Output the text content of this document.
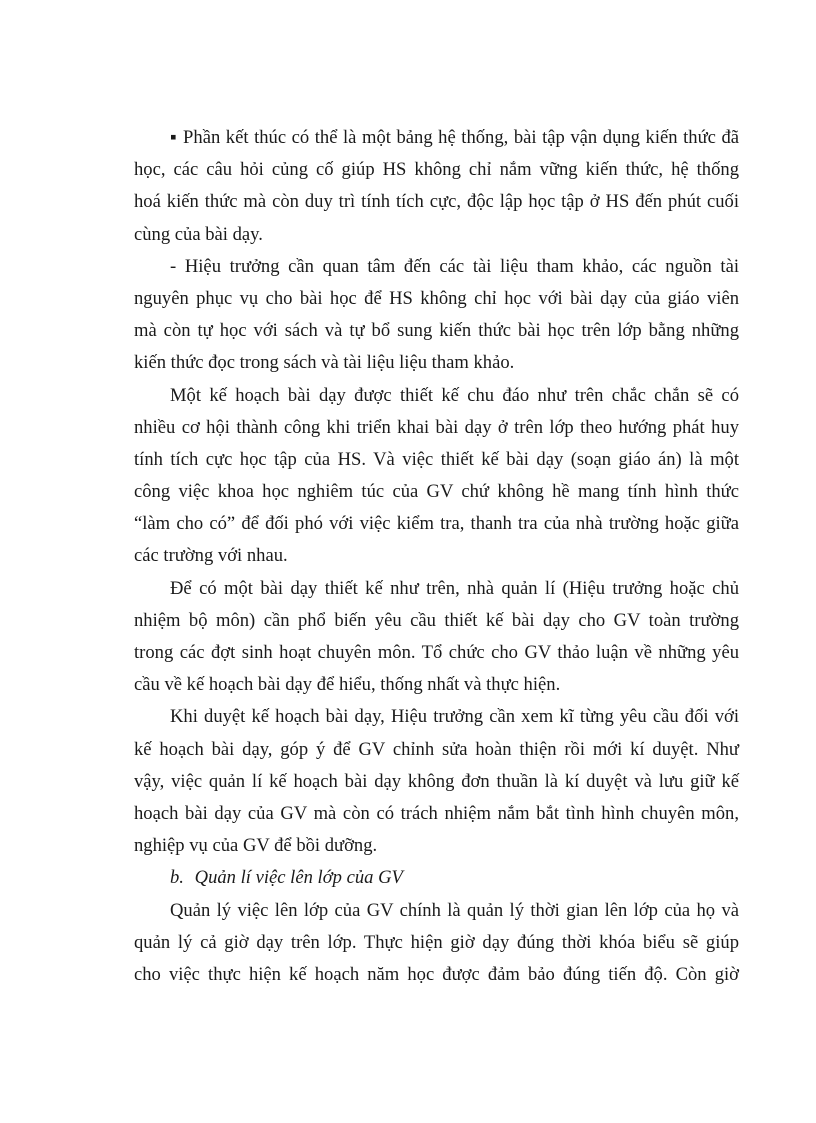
▪ Phần kết thúc có thể là một bảng hệ thống, bài tập vận dụng kiến thức đã
học, các câu hỏi củng cố giúp HS không chỉ nắm vững kiến thức, hệ thống
hoá kiến thức mà còn duy trì tính tích cực, độc lập học tập ở HS đến phút cuối
cùng của bài dạy.
- Hiệu trưởng cần quan tâm đến các tài liệu tham khảo, các nguồn tài
nguyên phục vụ cho bài học để HS không chỉ học với bài dạy của giáo viên
mà còn tự học với sách và tự bổ sung kiến thức bài học trên lớp bằng những
kiến thức đọc trong sách và tài liệu liệu tham khảo.
Một kế hoạch bài dạy được thiết kế chu đáo như trên chắc chắn sẽ có
nhiều cơ hội thành công khi triển khai bài dạy ở trên lớp theo hướng phát huy
tính tích cực học tập của HS. Và việc thiết kế bài dạy (soạn giáo án) là một
công việc khoa học nghiêm túc của GV chứ không hề mang tính hình thức
“làm cho có” để đối phó với việc kiểm tra, thanh tra của nhà trường hoặc giữa
các trường với nhau.
Để có một bài dạy thiết kế như trên, nhà quản lí (Hiệu trưởng hoặc chủ
nhiệm bộ môn) cần phổ biến yêu cầu thiết kế bài dạy cho GV toàn trường
trong các đợt sinh hoạt chuyên môn. Tổ chức cho GV thảo luận về những yêu
cầu về kế hoạch bài dạy để hiểu, thống nhất và thực hiện.
Khi duyệt kế hoạch bài dạy, Hiệu trưởng cần xem kĩ từng yêu cầu đối với
kế hoạch bài dạy, góp ý để GV chỉnh sửa hoàn thiện rồi mới kí duyệt. Như
vậy, việc quản lí kế hoạch bài dạy không đơn thuần là kí duyệt và lưu giữ kế
hoạch bài dạy của GV mà còn có trách nhiệm nắm bắt tình hình chuyên môn,
nghiệp vụ của GV để bồi dưỡng.
b. Quản lí việc lên lớp của GV
Quản lý việc lên lớp của GV chính là quản lý thời gian lên lớp của họ và
quản lý cả giờ dạy trên lớp. Thực hiện giờ dạy đúng thời khóa biểu sẽ giúp
cho việc thực hiện kế hoạch năm học được đảm bảo đúng tiến độ. Còn giờ
